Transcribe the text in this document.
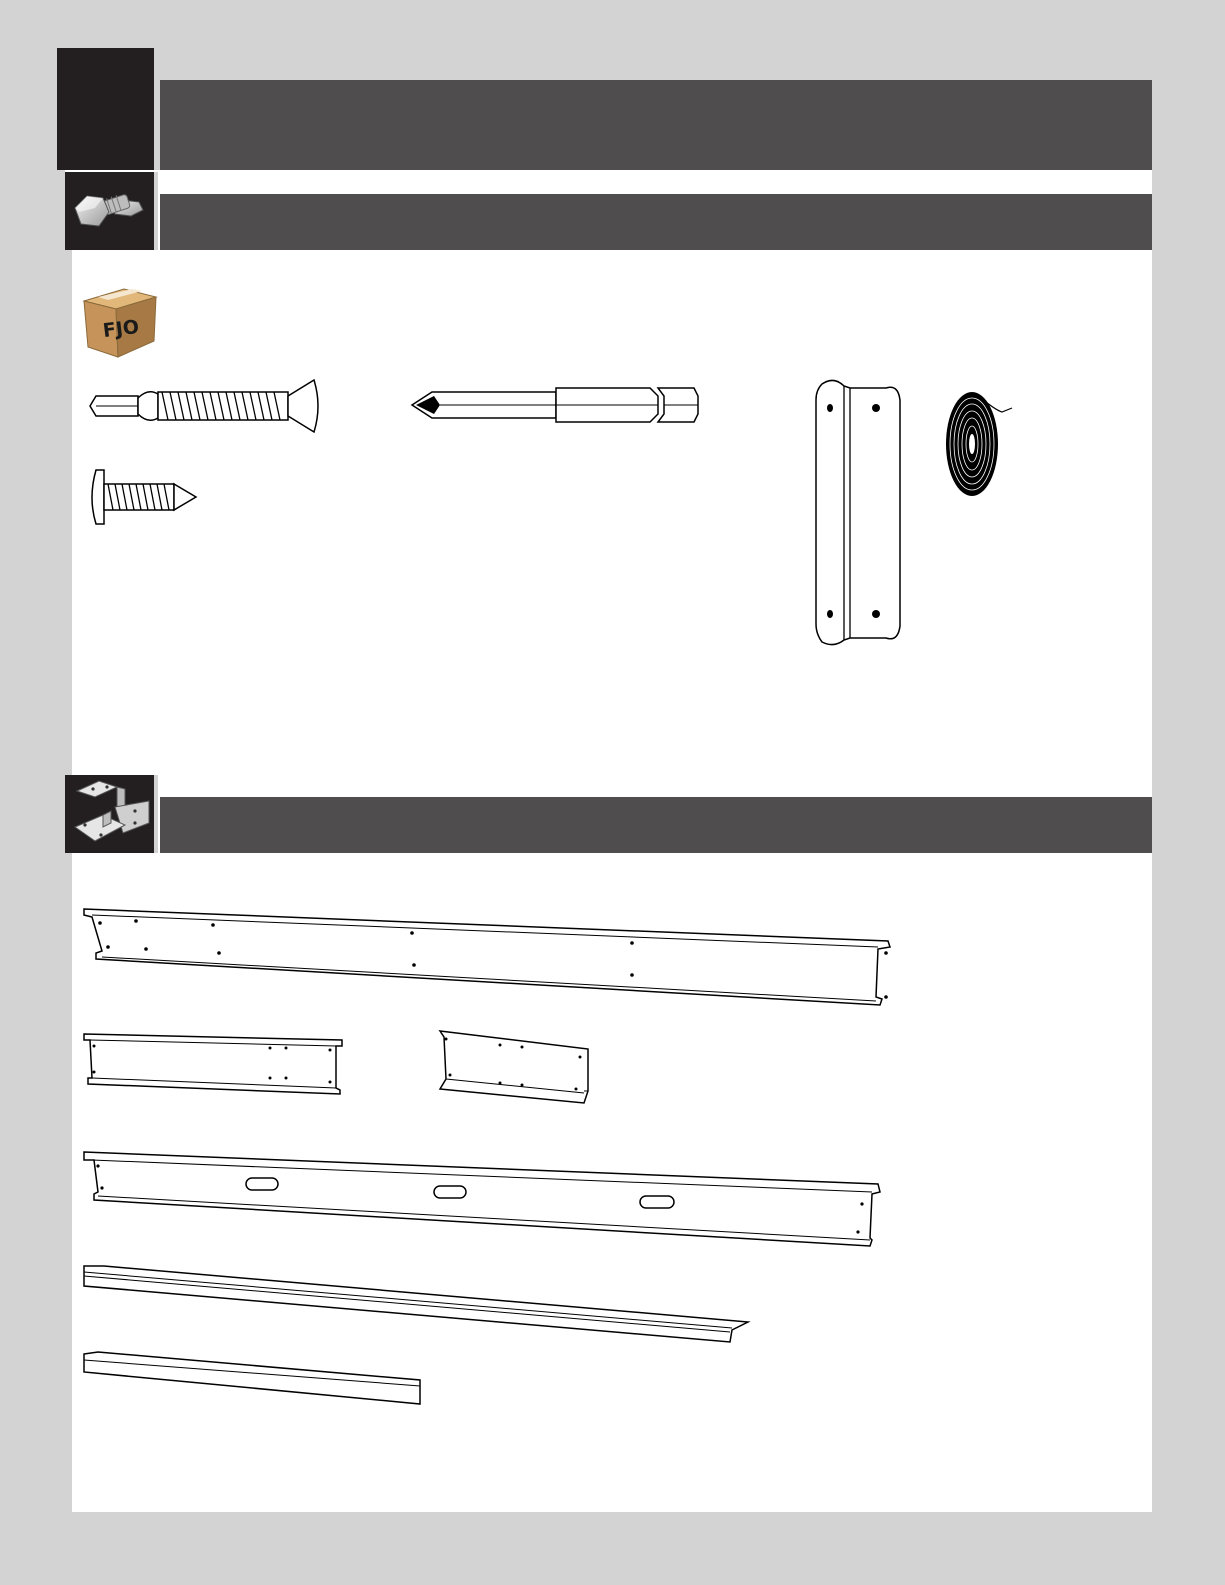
FJO
